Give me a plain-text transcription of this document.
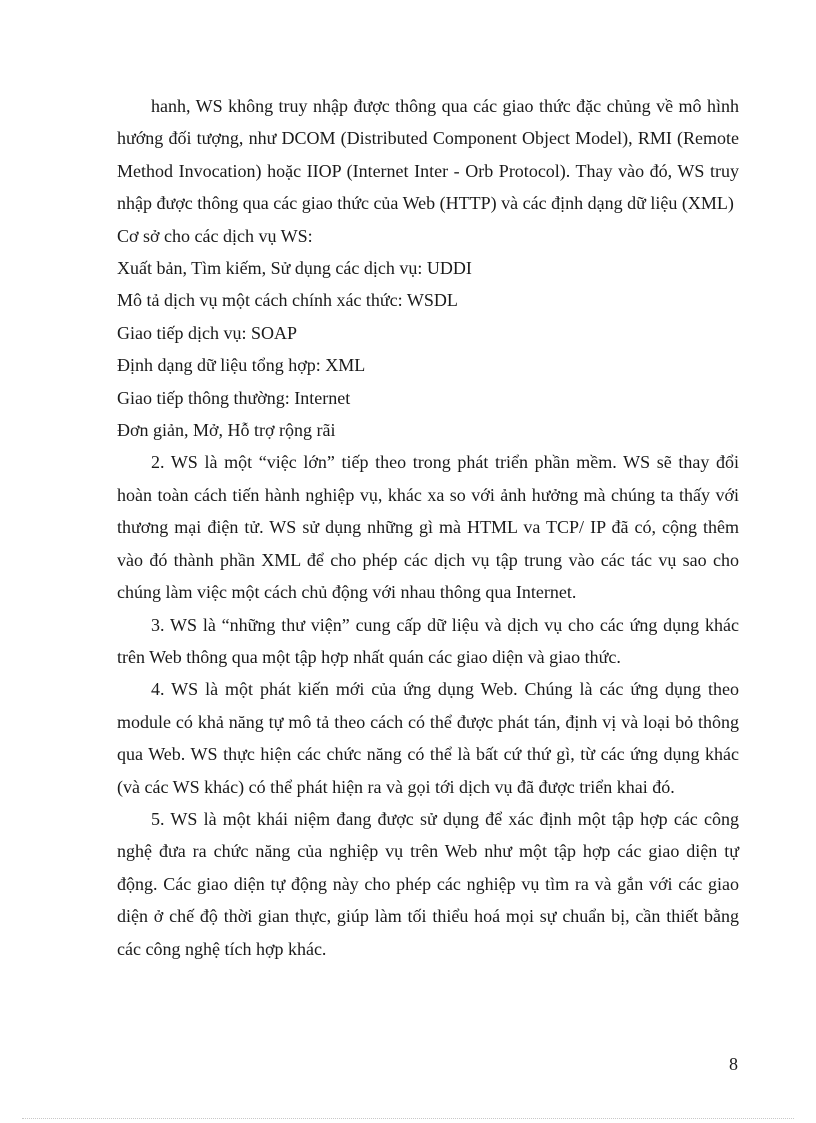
hanh, WS không truy nhập được thông qua các giao thức đặc chủng về mô hình hướng đối tượng, như DCOM (Distributed Component Object Model), RMI (Remote Method Invocation) hoặc IIOP (Internet Inter - Orb Protocol). Thay vào đó, WS truy nhập được thông qua các giao thức của Web (HTTP) và các định dạng dữ liệu (XML)

Cơ sở cho các dịch vụ WS:

Xuất bản, Tìm kiếm, Sử dụng các dịch vụ: UDDI

Mô tả dịch vụ một cách chính xác thức: WSDL

Giao tiếp dịch vụ: SOAP

Định dạng dữ liệu tổng hợp: XML

Giao tiếp thông thường: Internet

Đơn giản, Mở, Hỗ trợ rộng rãi

2. WS là một “việc lớn” tiếp theo trong phát triển phần mềm. WS sẽ thay đổi hoàn toàn cách tiến hành nghiệp vụ, khác xa so với ảnh hưởng mà chúng ta thấy với thương mại điện tử. WS sử dụng những gì mà HTML va TCP/ IP đã có, cộng thêm vào đó thành phần XML để cho phép các dịch vụ tập trung vào các tác vụ sao cho chúng làm việc một cách chủ động với nhau thông qua Internet.

3. WS là “những thư viện” cung cấp dữ liệu và dịch vụ cho các ứng dụng khác trên Web thông qua một tập hợp nhất quán các giao diện và giao thức.

4. WS là một phát kiến mới của ứng dụng Web. Chúng là các ứng dụng theo module có khả năng tự mô tả theo cách có thể được phát tán, định vị và loại bỏ thông qua Web. WS thực hiện các chức năng có thể là bất cứ thứ gì, từ các ứng dụng khác (và các WS khác) có thể phát hiện ra và gọi tới dịch vụ đã được triển khai đó.

5. WS là một khái niệm đang được sử dụng để xác định một tập hợp các công nghệ đưa ra chức năng của nghiệp vụ trên Web như một tập hợp các giao diện tự động. Các giao diện tự động này cho phép các nghiệp vụ tìm ra và gắn với các giao diện ở chế độ thời gian thực, giúp làm tối thiểu hoá mọi sự chuẩn bị, cần thiết bằng các công nghệ tích hợp khác.

8
